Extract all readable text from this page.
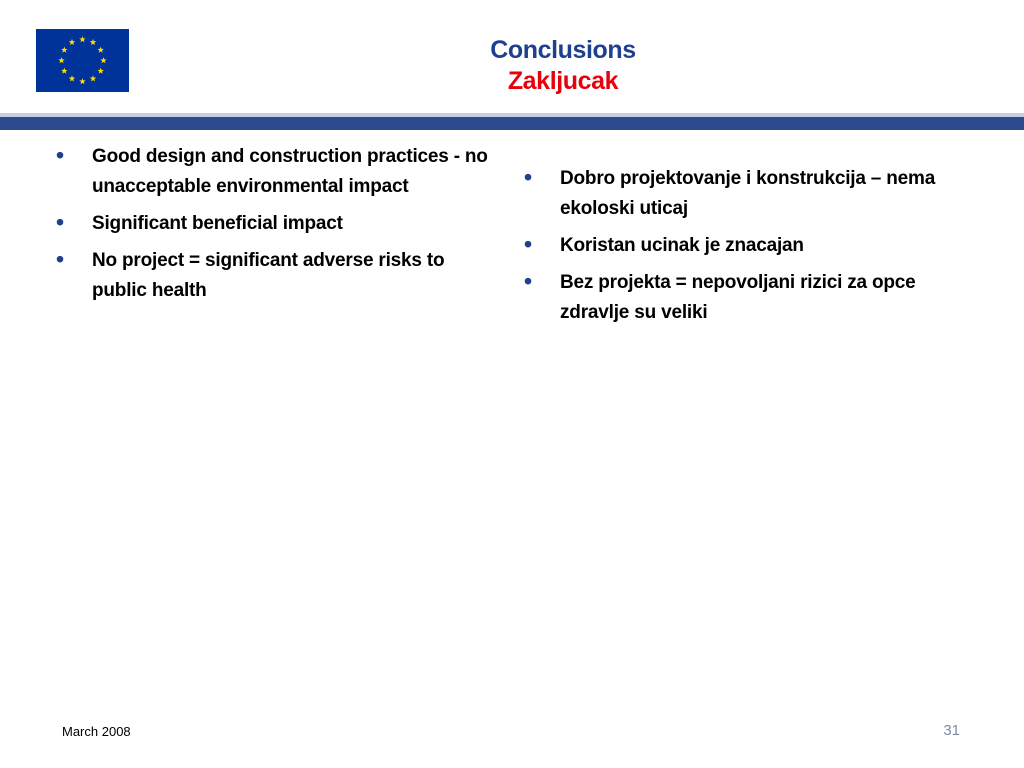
Conclusions
Zakljucak
• Good design and construction practices - no unacceptable environmental impact
• Significant beneficial impact
• No project = significant adverse risks to public health
• Dobro projektovanje i konstrukcija – nema ekoloski uticaj
• Koristan ucinak je znacajan
• Bez projekta = nepovoljani rizici za opce zdravlje su veliki
March 2008	31
